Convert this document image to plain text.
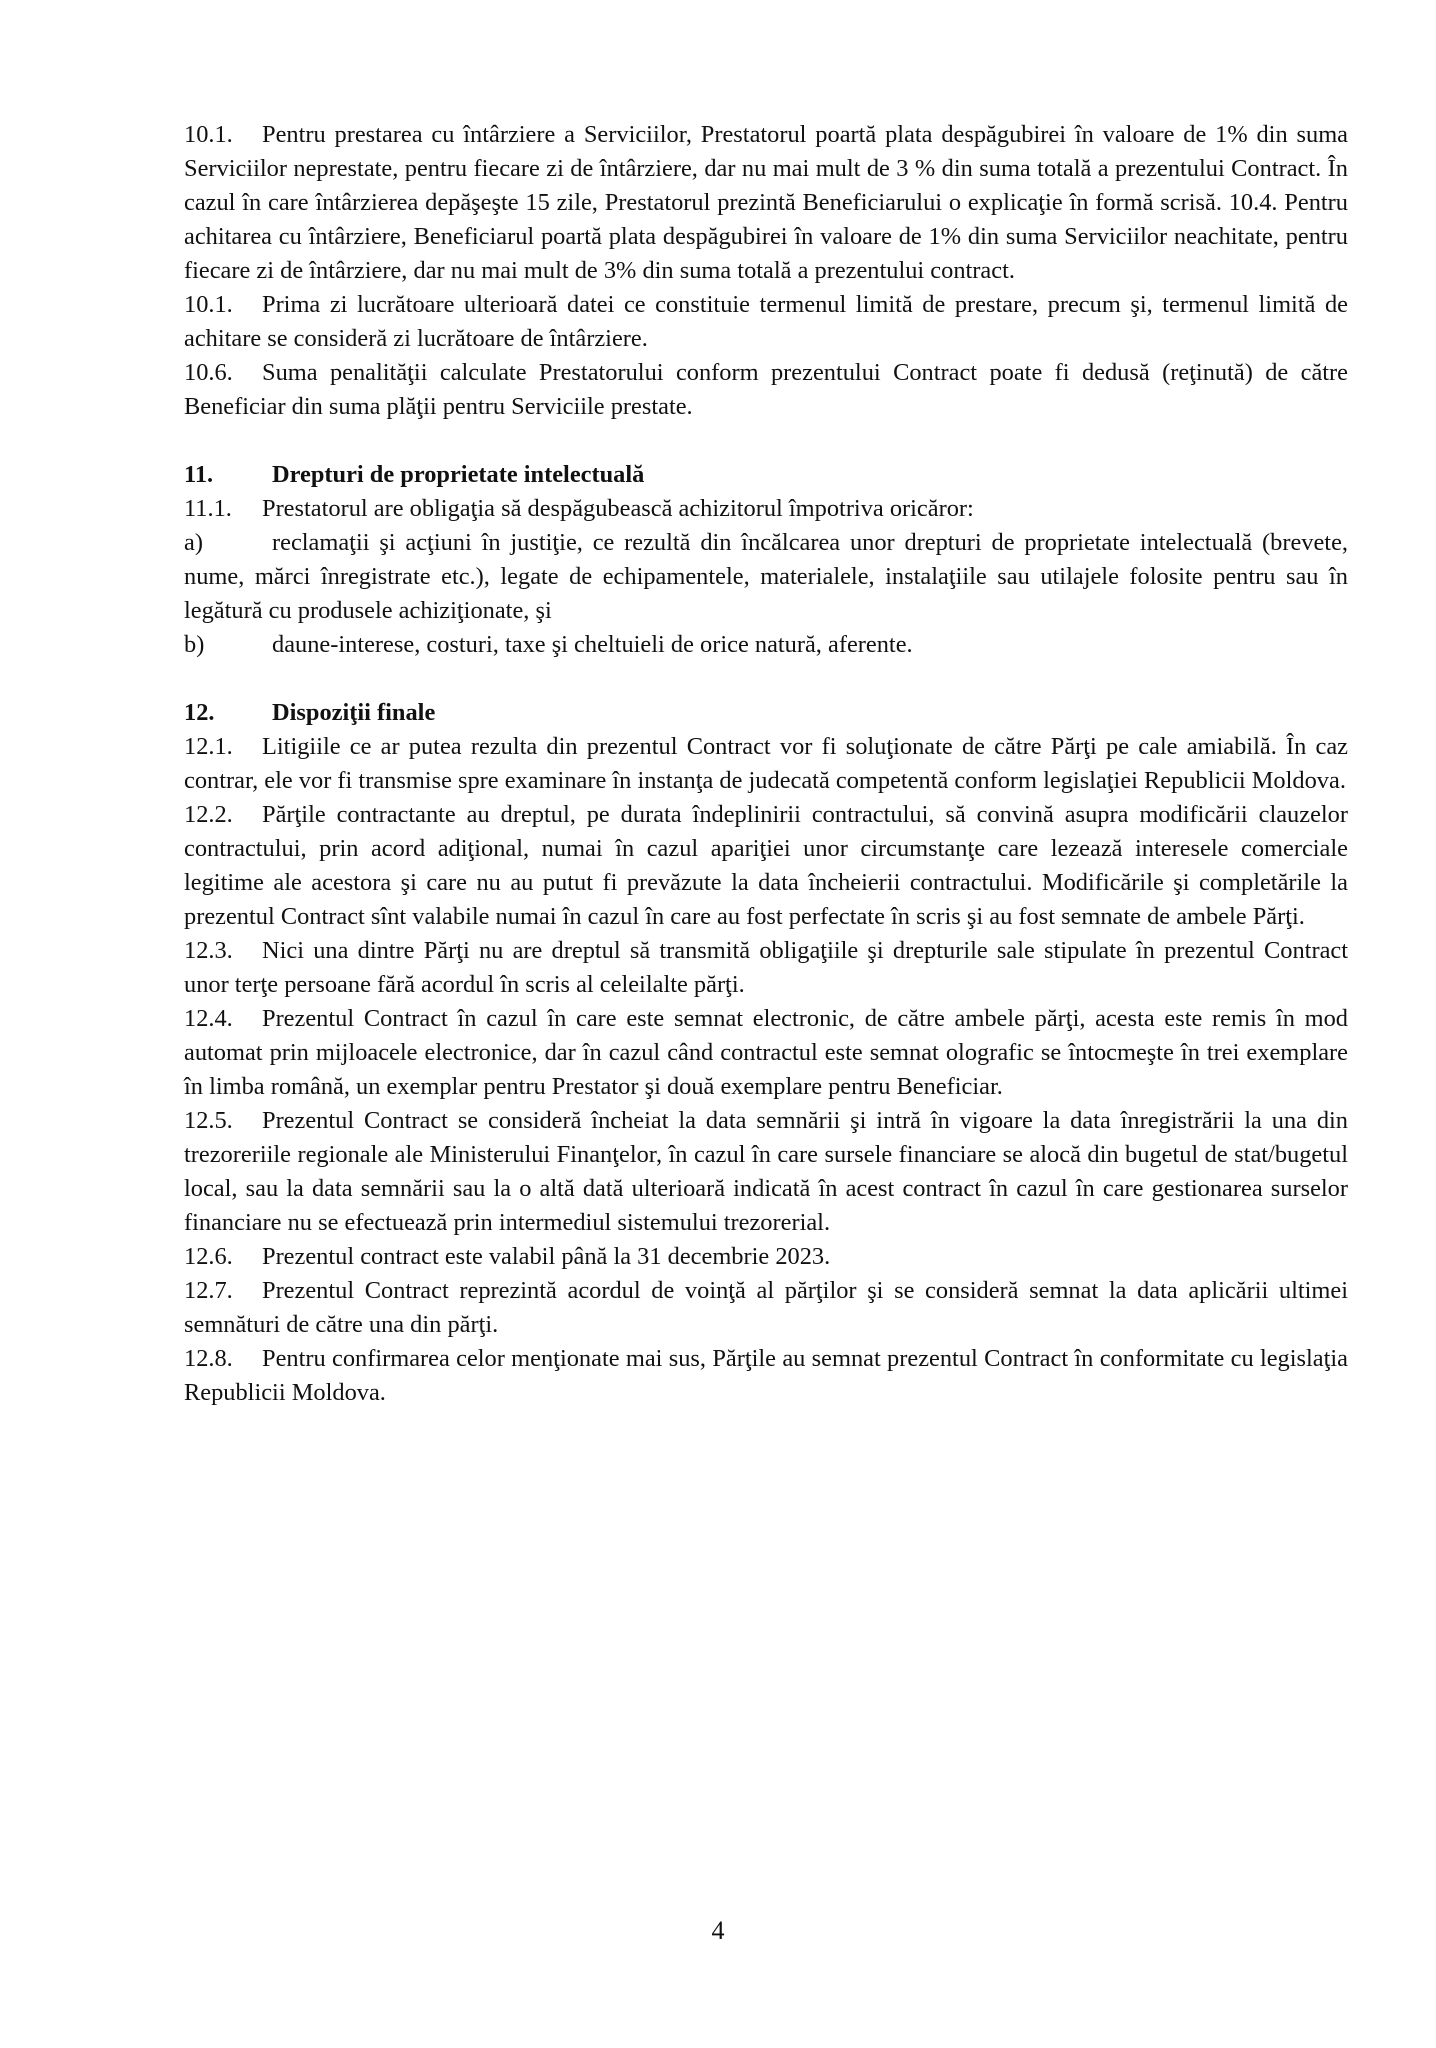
10.1. Pentru prestarea cu întârziere a Serviciilor, Prestatorul poartă plata despăgubirei în valoare de 1% din suma Serviciilor neprestate, pentru fiecare zi de întârziere, dar nu mai mult de 3 % din suma totală a prezentului Contract. În cazul în care întârzierea depăşeşte 15 zile, Prestatorul prezintă Beneficiarului o explicaţie în formă scrisă. 10.4. Pentru achitarea cu întârziere, Beneficiarul poartă plata despăgubirei în valoare de 1% din suma Serviciilor neachitate, pentru fiecare zi de întârziere, dar nu mai mult de 3% din suma totală a prezentului contract.

10.1. Prima zi lucrătoare ulterioară datei ce constituie termenul limită de prestare, precum şi, termenul limită de achitare se consideră zi lucrătoare de întârziere.

10.6. Suma penalităţii calculate Prestatorului conform prezentului Contract poate fi dedusă (reţinută) de către Beneficiar din suma plăţii pentru Serviciile prestate.

11. Drepturi de proprietate intelectuală

11.1. Prestatorul are obligaţia să despăgubească achizitorul împotriva oricăror:

a)	reclamaţii şi acţiuni în justiţie, ce rezultă din încălcarea unor drepturi de proprietate intelectuală (brevete, nume, mărci înregistrate etc.), legate de echipamentele, materialele, instalaţiile sau utilajele folosite pentru sau în legătură cu produsele achiziţionate, şi

b)	daune-interese, costuri, taxe şi cheltuieli de orice natură, aferente.

12. Dispoziţii finale

12.1. Litigiile ce ar putea rezulta din prezentul Contract vor fi soluţionate de către Părţi pe cale amiabilă. În caz contrar, ele vor fi transmise spre examinare în instanţa de judecată competentă conform legislaţiei Republicii Moldova.

12.2. Părţile contractante au dreptul, pe durata îndeplinirii contractului, să convină asupra modificării clauzelor contractului, prin acord adiţional, numai în cazul apariţiei unor circumstanţe care lezează interesele comerciale legitime ale acestora şi care nu au putut fi prevăzute la data încheierii contractului. Modificările şi completările la prezentul Contract sînt valabile numai în cazul în care au fost perfectate în scris şi au fost semnate de ambele Părţi.

12.3. Nici una dintre Părţi nu are dreptul să transmită obligaţiile şi drepturile sale stipulate în prezentul Contract unor terţe persoane fără acordul în scris al celeilalte părţi.

12.4. Prezentul Contract în cazul în care este semnat electronic, de către ambele părţi, acesta este remis în mod automat prin mijloacele electronice, dar în cazul când contractul este semnat olografic se întocmeşte în trei exemplare în limba română, un exemplar pentru Prestator şi două exemplare pentru Beneficiar.

12.5. Prezentul Contract se consideră încheiat la data semnării şi intră în vigoare la data înregistrării la una din trezoreriile regionale ale Ministerului Finanţelor, în cazul în care sursele financiare se alocă din bugetul de stat/bugetul local, sau la data semnării sau la o altă dată ulterioară indicată în acest contract în cazul în care gestionarea surselor financiare nu se efectuează prin intermediul sistemului trezorerial.

12.6. Prezentul contract este valabil până la 31 decembrie 2023.

12.7. Prezentul Contract reprezintă acordul de voinţă al părţilor şi se consideră semnat la data aplicării ultimei semnături de către una din părţi.

12.8. Pentru confirmarea celor menţionate mai sus, Părţile au semnat prezentul Contract în conformitate cu legislaţia Republicii Moldova.

4
